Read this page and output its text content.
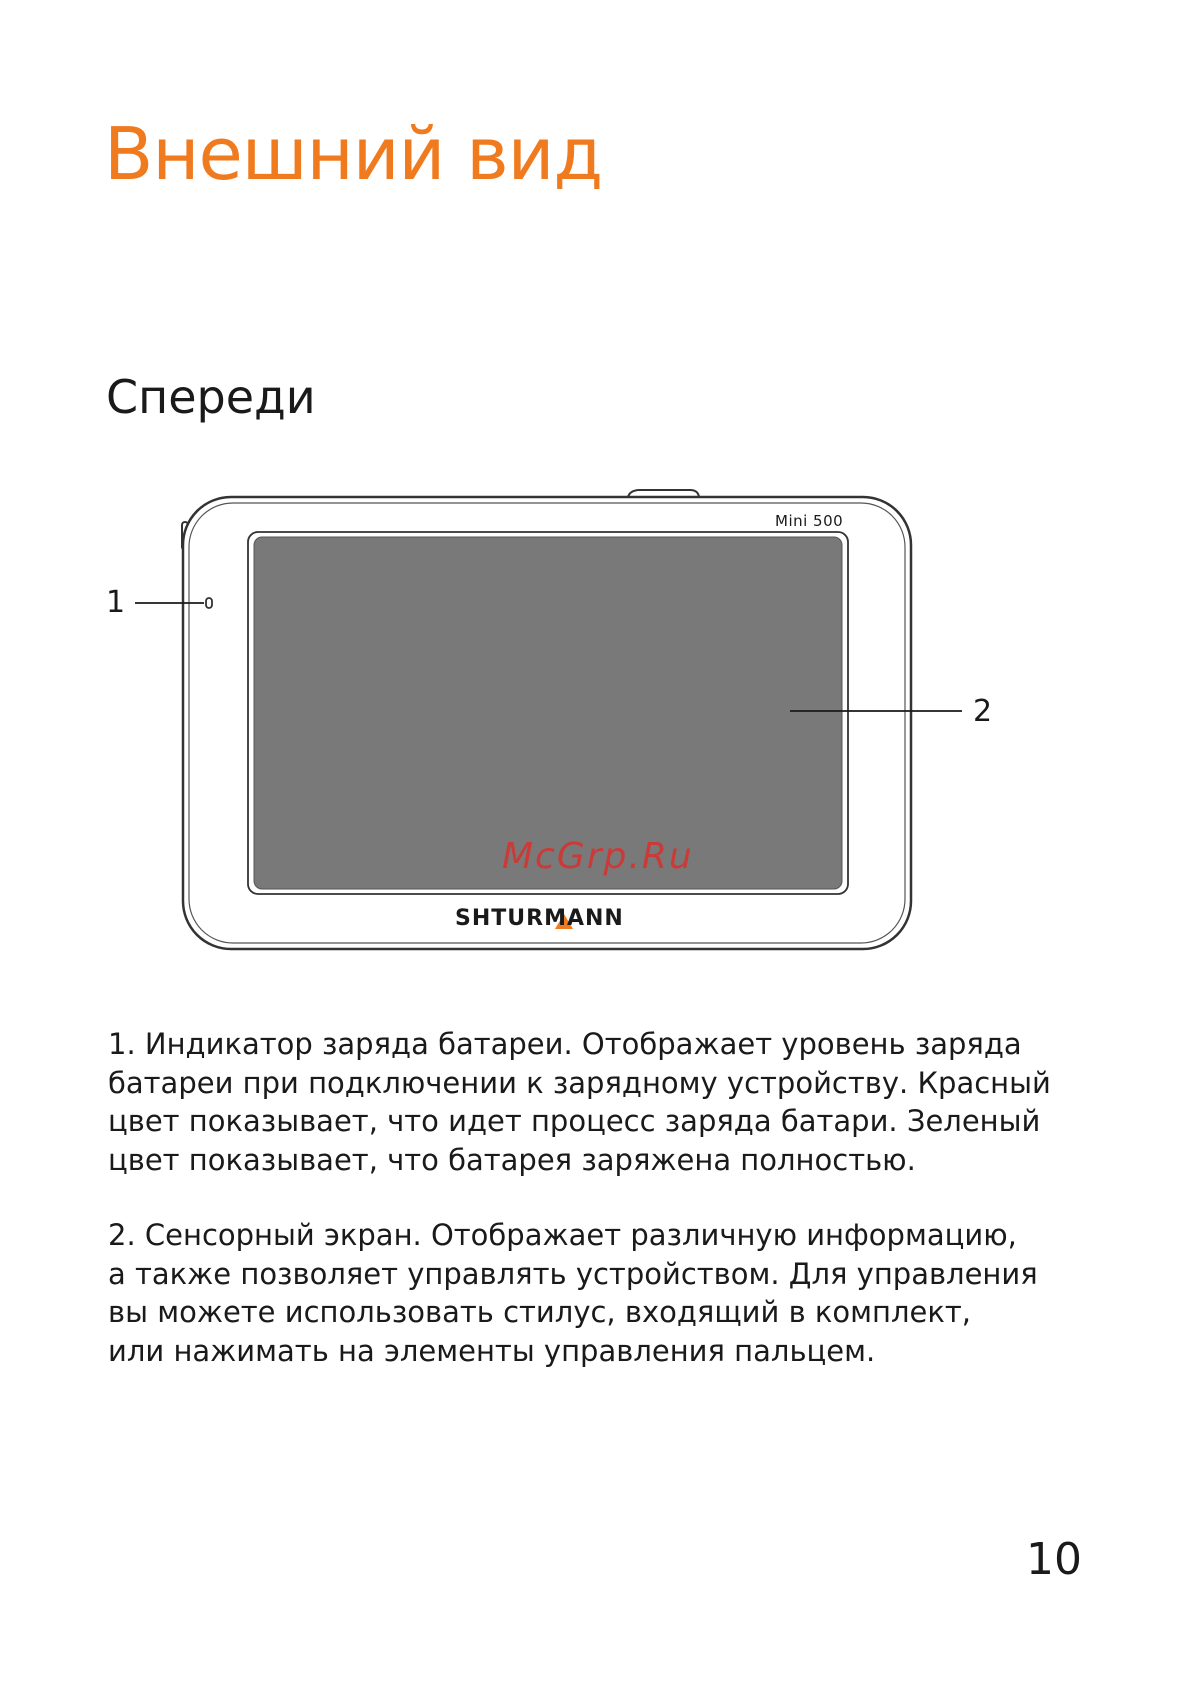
Внешний вид
Спереди
Mini 500
SHTURMANN
McGrp.Ru
1
2

1. Индикатор заряда батареи. Отображает уровень заряда
батареи при подключении к зарядному устройству. Красный
цвет показывает, что идет процесс заряда батари. Зеленый
цвет показывает, что батарея заряжена полностью.

2. Сенсорный экран. Отображает различную информацию,
а также позволяет управлять устройством. Для управления
вы можете использовать стилус, входящий в комплект,
или нажимать на элементы управления пальцем.

10
